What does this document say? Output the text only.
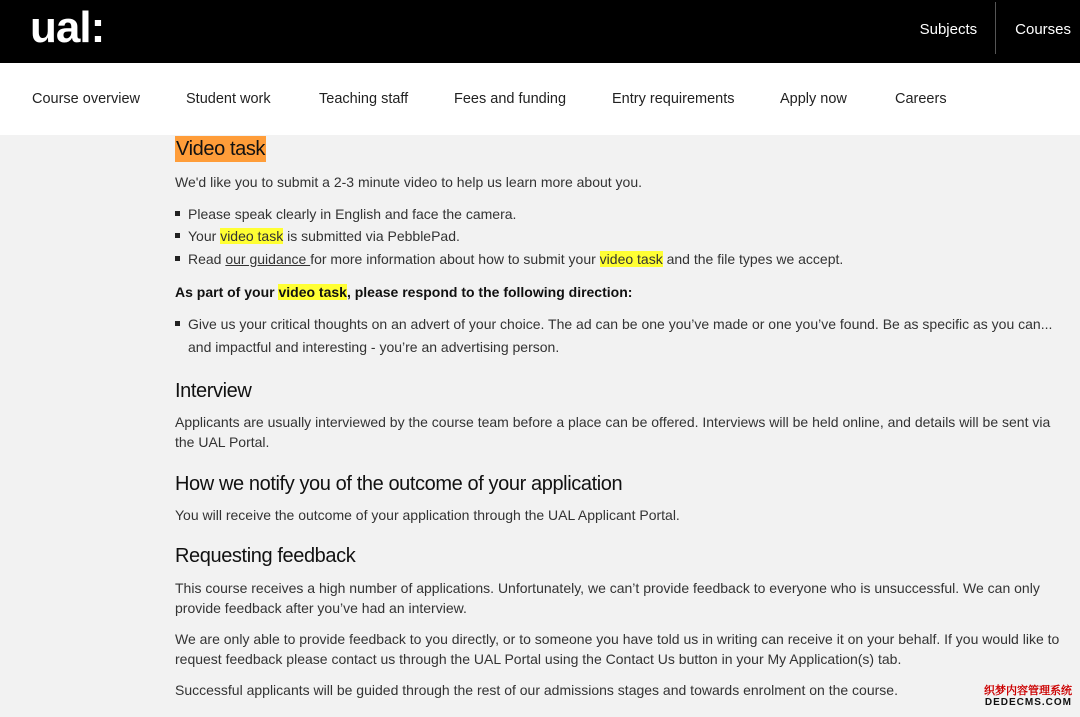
ual:	Subjects	Courses
Course overview	Student work	Teaching staff	Fees and funding	Entry requirements	Apply now	Careers
Video task

We'd like you to submit a 2-3 minute video to help us learn more about you.

Please speak clearly in English and face the camera.
Your video task is submitted via PebblePad.
Read our guidance for more information about how to submit your video task and the file types we accept.

As part of your video task, please respond to the following direction:

Give us your critical thoughts on an advert of your choice. The ad can be one you’ve made or one you’ve found. Be as specific as you can... and impactful and interesting - you’re an advertising person.
Interview

Applicants are usually interviewed by the course team before a place can be offered. Interviews will be held online, and details will be sent via the UAL Portal.

How we notify you of the outcome of your application

You will receive the outcome of your application through the UAL Applicant Portal.

Requesting feedback

This course receives a high number of applications. Unfortunately, we can’t provide feedback to everyone who is unsuccessful. We can only provide feedback after you’ve had an interview.

We are only able to provide feedback to you directly, or to someone you have told us in writing can receive it on your behalf. If you would like to request feedback please contact us through the UAL Portal using the Contact Us button in your My Application(s) tab.

Successful applicants will be guided through the rest of our admissions stages and towards enrolment on the course.	织梦内容管理系统
DEDECMS.COM
